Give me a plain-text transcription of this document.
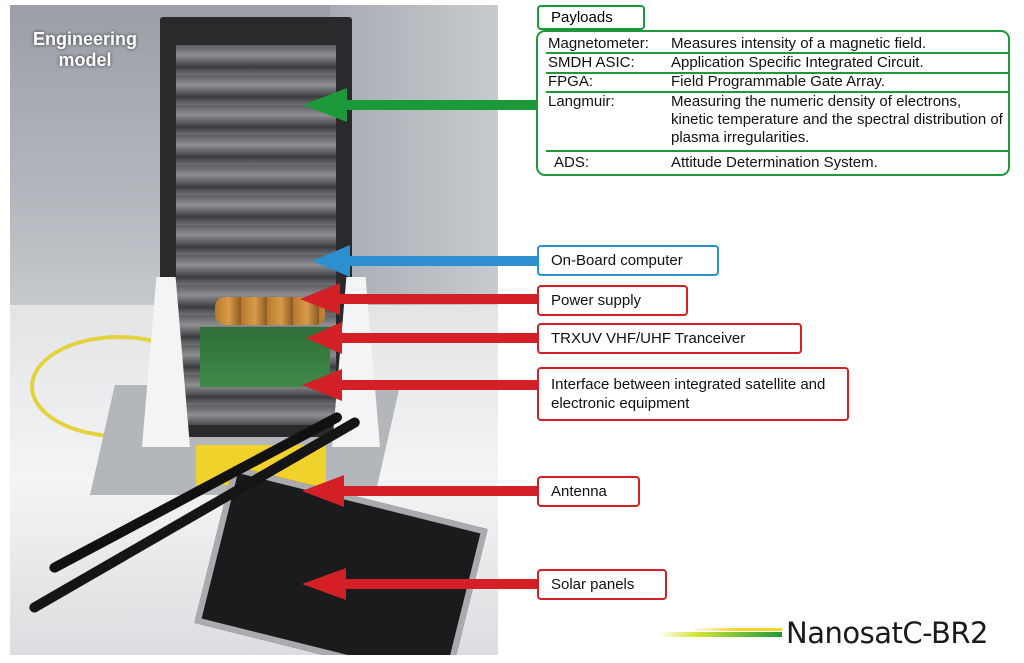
Engineering
model
Payloads
Magnetometer: Measures intensity of a magnetic field.
SMDH ASIC: Application Specific Integrated Circuit.
FPGA:	Field Programmable Gate Array.
Langmuir:	Measuring the numeric density of electrons, kinetic temperature and the spectral distribution of plasma irregularities.
ADS:	Attitude Determination System.
On-Board computer
Power supply
TRXUV VHF/UHF Tranceiver
Interface between integrated satellite and electronic equipment
Antenna
Solar panels
NanosatC-BR2
